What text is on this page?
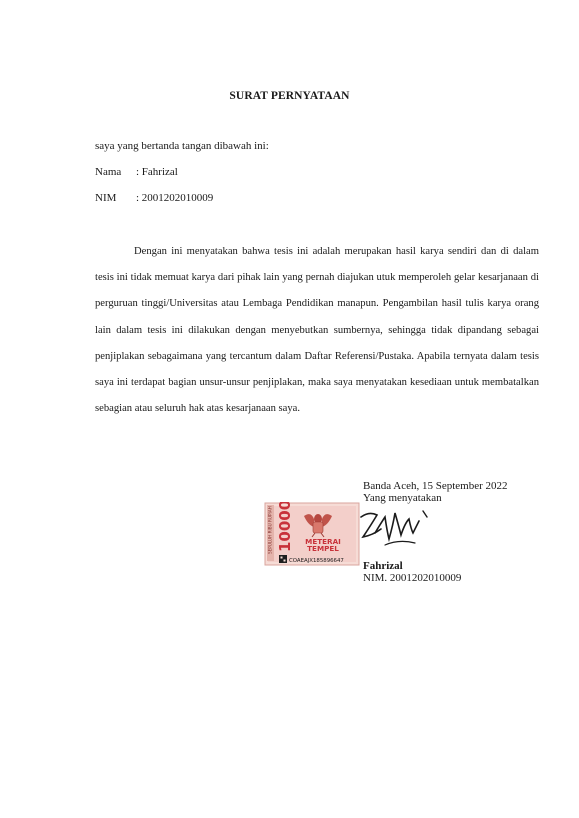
SURAT PERNYATAAN
saya yang bertanda tangan dibawah ini:
Nama : Fahrizal
NIM : 2001202010009

Dengan ini menyatakan bahwa tesis ini adalah merupakan hasil karya sendiri dan di dalam tesis ini tidak memuat karya dari pihak lain yang pernah diajukan utuk memperoleh gelar kesarjanaan di perguruan tinggi/Universitas atau Lembaga Pendidikan manapun. Pengambilan hasil tulis karya orang lain dalam tesis ini dilakukan dengan menyebutkan sumbernya, sehingga tidak dipandang sebagai penjiplakan sebagaimana yang tercantum dalam Daftar Referensi/Pustaka. Apabila ternyata dalam tesis saya ini terdapat bagian unsur-unsur penjiplakan, maka saya menyatakan kesediaan untuk membatalkan sebagian atau seluruh hak atas kesarjanaan saya.

Banda Aceh, 15 September 2022
Yang menyatakan
SEPULUH RIBU RUPIAH 10000 METERAI
TEMPEL
COAEAJX185896647 Fahrizal
NIM. 2001202010009
